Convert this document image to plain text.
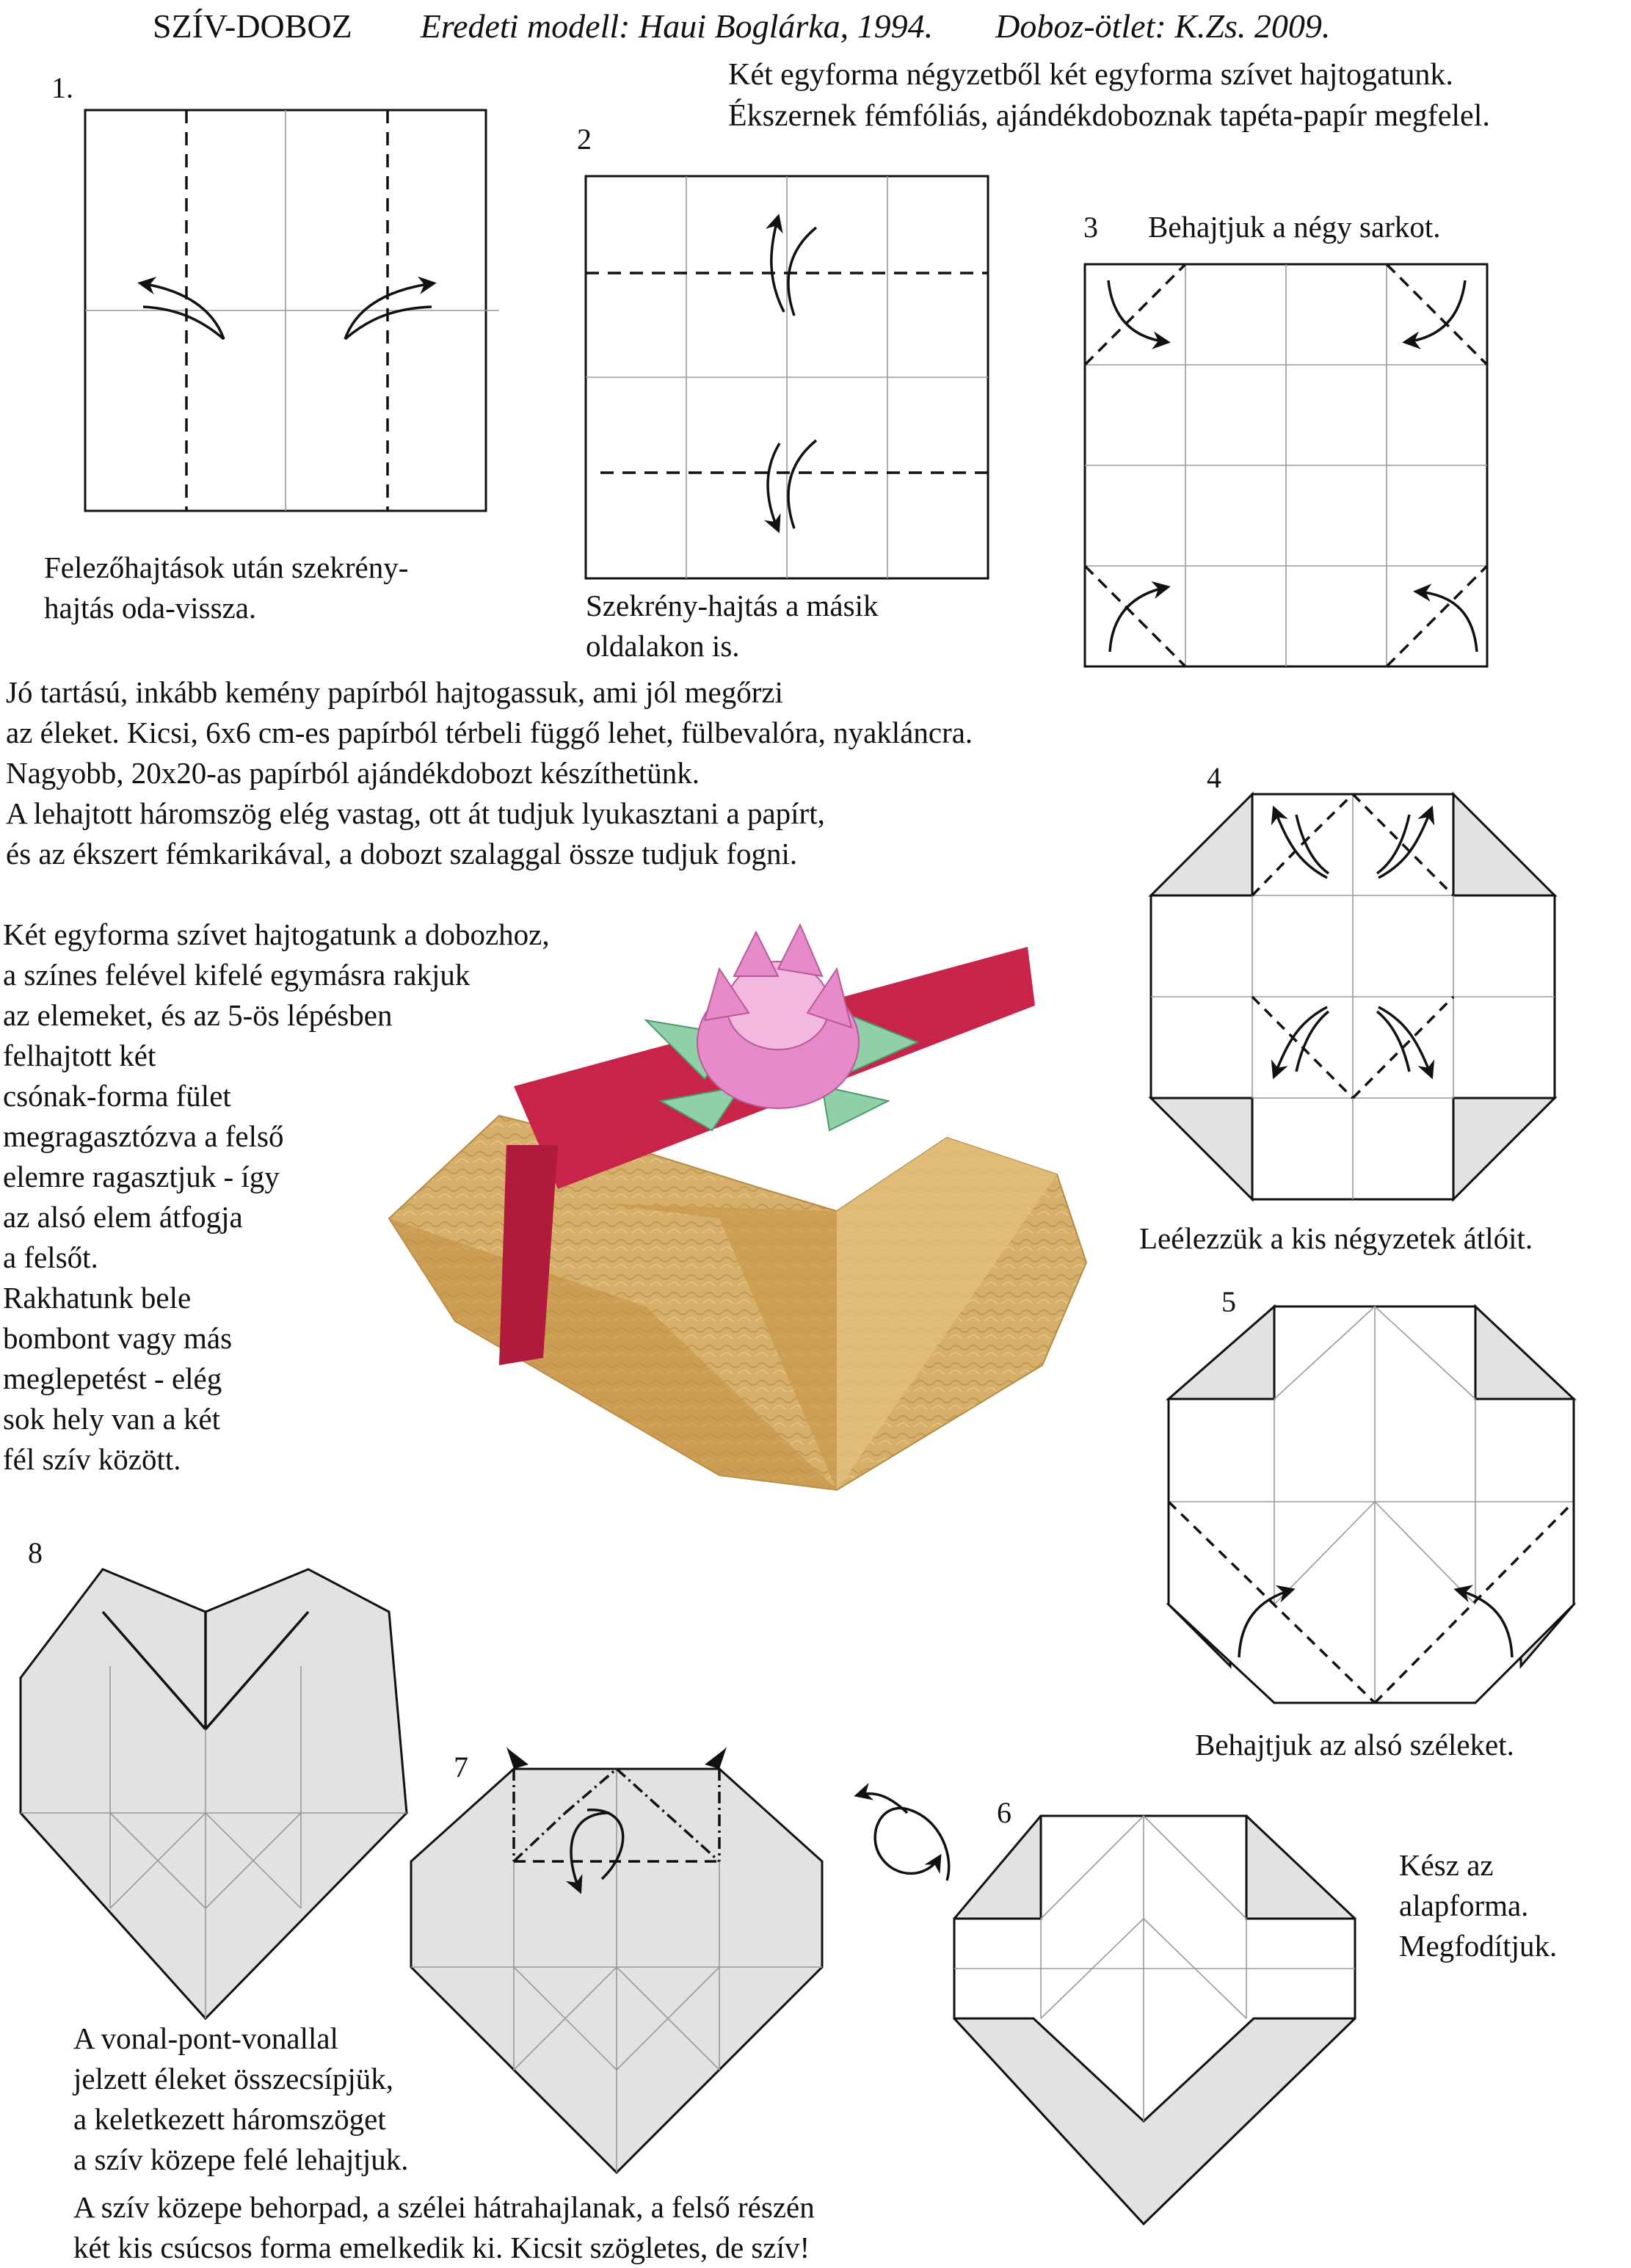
SZÍV-DOBOZ Eredeti modell: Haui Boglárka, 1994. Doboz-ötlet: K.Zs. 2009.

Két egyforma négyzetből két egyforma szívet hajtogatunk.
Ékszernek fémfóliás, ajándékdoboznak tapéta-papír megfelel.

1.
2
3
4
5
6
7
8

Felezőhajtások után szekrény-
hajtás oda-vissza.	Szekrény-hajtás a másik
oldalakon is.

Behajtjuk a négy sarkot.

Leélezzük a kis négyzetek átlóit.

Behajtjuk az alsó széleket.

Kész az
alapforma.
Megfodítjuk.

A vonal-pont-vonallal
jelzett éleket összecsípjük,
a keletkezett háromszöget
a szív közepe felé lehajtjuk.

Jó tartású, inkább kemény papírból hajtogassuk, ami jól megőrzi
az éleket. Kicsi, 6x6 cm-es papírból térbeli függő lehet, fülbevalóra, nyakláncra.
Nagyobb, 20x20-as papírból ajándékdobozt készíthetünk.
A lehajtott háromszög elég vastag, ott át tudjuk lyukasztani a papírt,
és az ékszert fémkarikával, a dobozt szalaggal össze tudjuk fogni.

Két egyforma szívet hajtogatunk a dobozhoz,
a színes felével kifelé egymásra rakjuk
az elemeket, és az 5-ös lépésben
felhajtott két
csónak-forma fület
megragasztózva a felső
elemre ragasztjuk - így
az alsó elem átfogja
a felsőt.
Rakhatunk bele
bombont vagy más
meglepetést - elég
sok hely van a két
fél szív között.

A szív közepe behorpad, a szélei hátrahajlanak, a felső részén
két kis csúcsos forma emelkedik ki. Kicsit szögletes, de szív!
